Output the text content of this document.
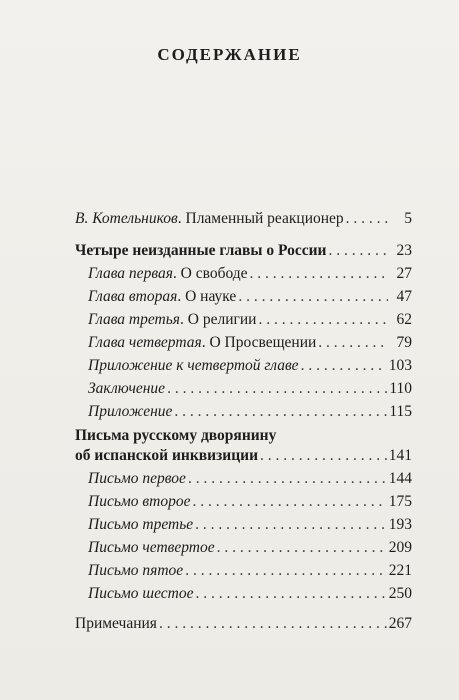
СОДЕРЖАНИЕ
В. Котельников. Пламенный реакционер . . .	5
Четыре неизданные главы о России . . .	23
Глава первая. О свободе . . .	27
Глава вторая. О науке . . .	47
Глава третья. О религии . . .	62
Глава четвертая. О Просвещении . . .	79
Приложение к четвертой главе . . .	103
Заключение . . .	110
Приложение . . .	115
Письма русскому дворянину
об испанской инквизиции . . .	141
Письмо первое . . .	144
Письмо второе . . .	175
Письмо третье . . .	193
Письмо четвертое . . .	209
Письмо пятое . . .	221
Письмо шестое . . .	250
Примечания . . .	267
